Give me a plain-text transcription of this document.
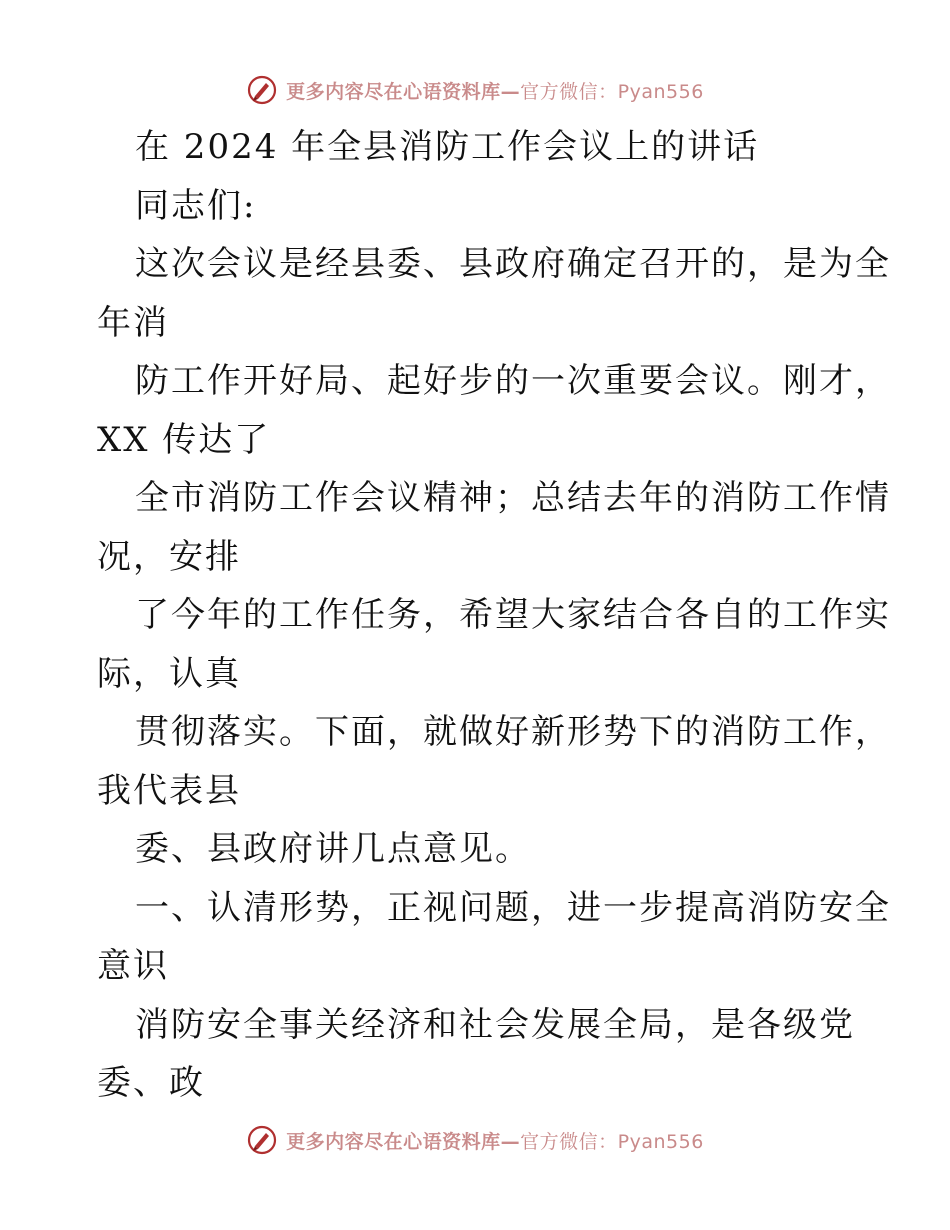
更多内容尽在心语资料库—官方微信：Pyan556
在 2024 年全县消防工作会议上的讲话
同志们:
这次会议是经县委、县政府确定召开的，是为全
年消
防工作开好局、起好步的一次重要会议。刚才，
XX 传达了
全市消防工作会议精神；总结去年的消防工作情
况，安排
了今年的工作任务，希望大家结合各自的工作实
际，认真
贯彻落实。下面，就做好新形势下的消防工作，
我代表县
委、县政府讲几点意见。
一、认清形势，正视问题，进一步提高消防安全
意识
消防安全事关经济和社会发展全局，是各级党
委、政
更多内容尽在心语资料库—官方微信：Pyan556
